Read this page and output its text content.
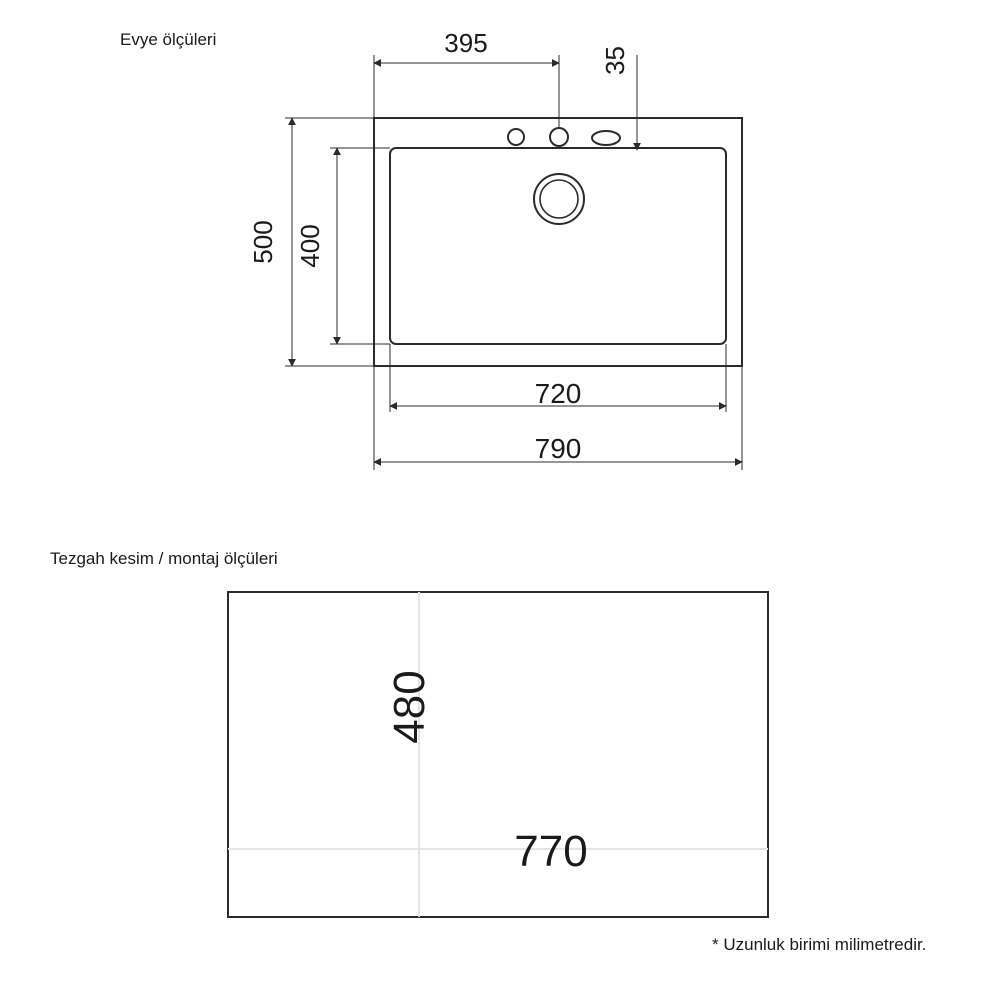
Evye ölçüleri
Tezgah kesim / montaj ölçüleri
* Uzunluk birimi milimetredir.
395
35
500 400
720
790
480
770
